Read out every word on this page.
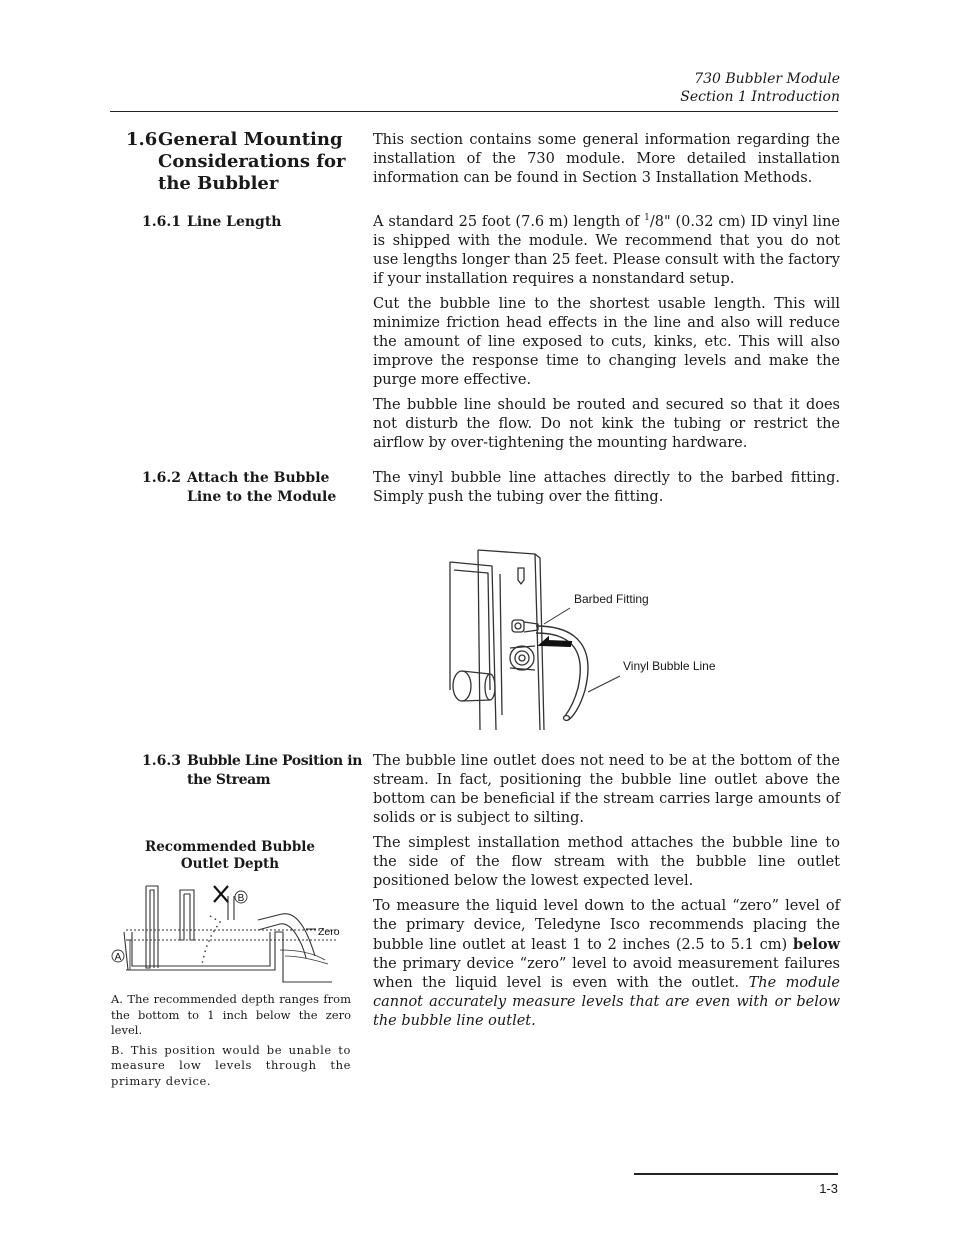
730 Bubbler Module
Section 1 Introduction
1.6 General Mounting Considerations for the Bubbler

This section contains some general information regarding the installation of the 730 module. More detailed installation information can be found in Section 3 Installation Methods.

1.6.1 Line Length	A standard 25 foot (7.6 m) length of $^1$/8" (0.32 cm) ID vinyl line is shipped with the module. We recommend that you do not use lengths longer than 25 feet. Please consult with the factory if your installation requires a nonstandard setup.

Cut the bubble line to the shortest usable length. This will minimize friction head effects in the line and also will reduce the amount of line exposed to cuts, kinks, etc. This will also improve the response time to changing levels and make the purge more effective.

The bubble line should be routed and secured so that it does not disturb the flow. Do not kink the tubing or restrict the airflow by over-tightening the mounting hardware.

1.6.2 Attach the Bubble Line to the Module

The vinyl bubble line attaches directly to the barbed fitting. Simply push the tubing over the fitting.

Barbed Fitting
Vinyl Bubble Line
1.6.3 Bubble Line Position in the Stream

The bubble line outlet does not need to be at the bottom of the stream. In fact, positioning the bubble line outlet above the bottom can be beneficial if the stream carries large amounts of solids or is subject to silting.

The simplest installation method attaches the bubble line to the side of the flow stream with the bubble line outlet positioned below the lowest expected level.

To measure the liquid level down to the actual “zero” level of the primary device, Teledyne Isco recommends placing the bubble line outlet at least 1 to 2 inches (2.5 to 5.1 cm) below the primary device “zero” level to avoid measurement failures when the liquid level is even with the outlet. The module cannot accurately measure levels that are even with or below the bubble line outlet.

Recommended Bubble Outlet Depth
A
B
Zero

A. The recommended depth ranges from the bottom to 1 inch below the zero level.

B. This position would be unable to measure low levels through the primary device.

1-3
